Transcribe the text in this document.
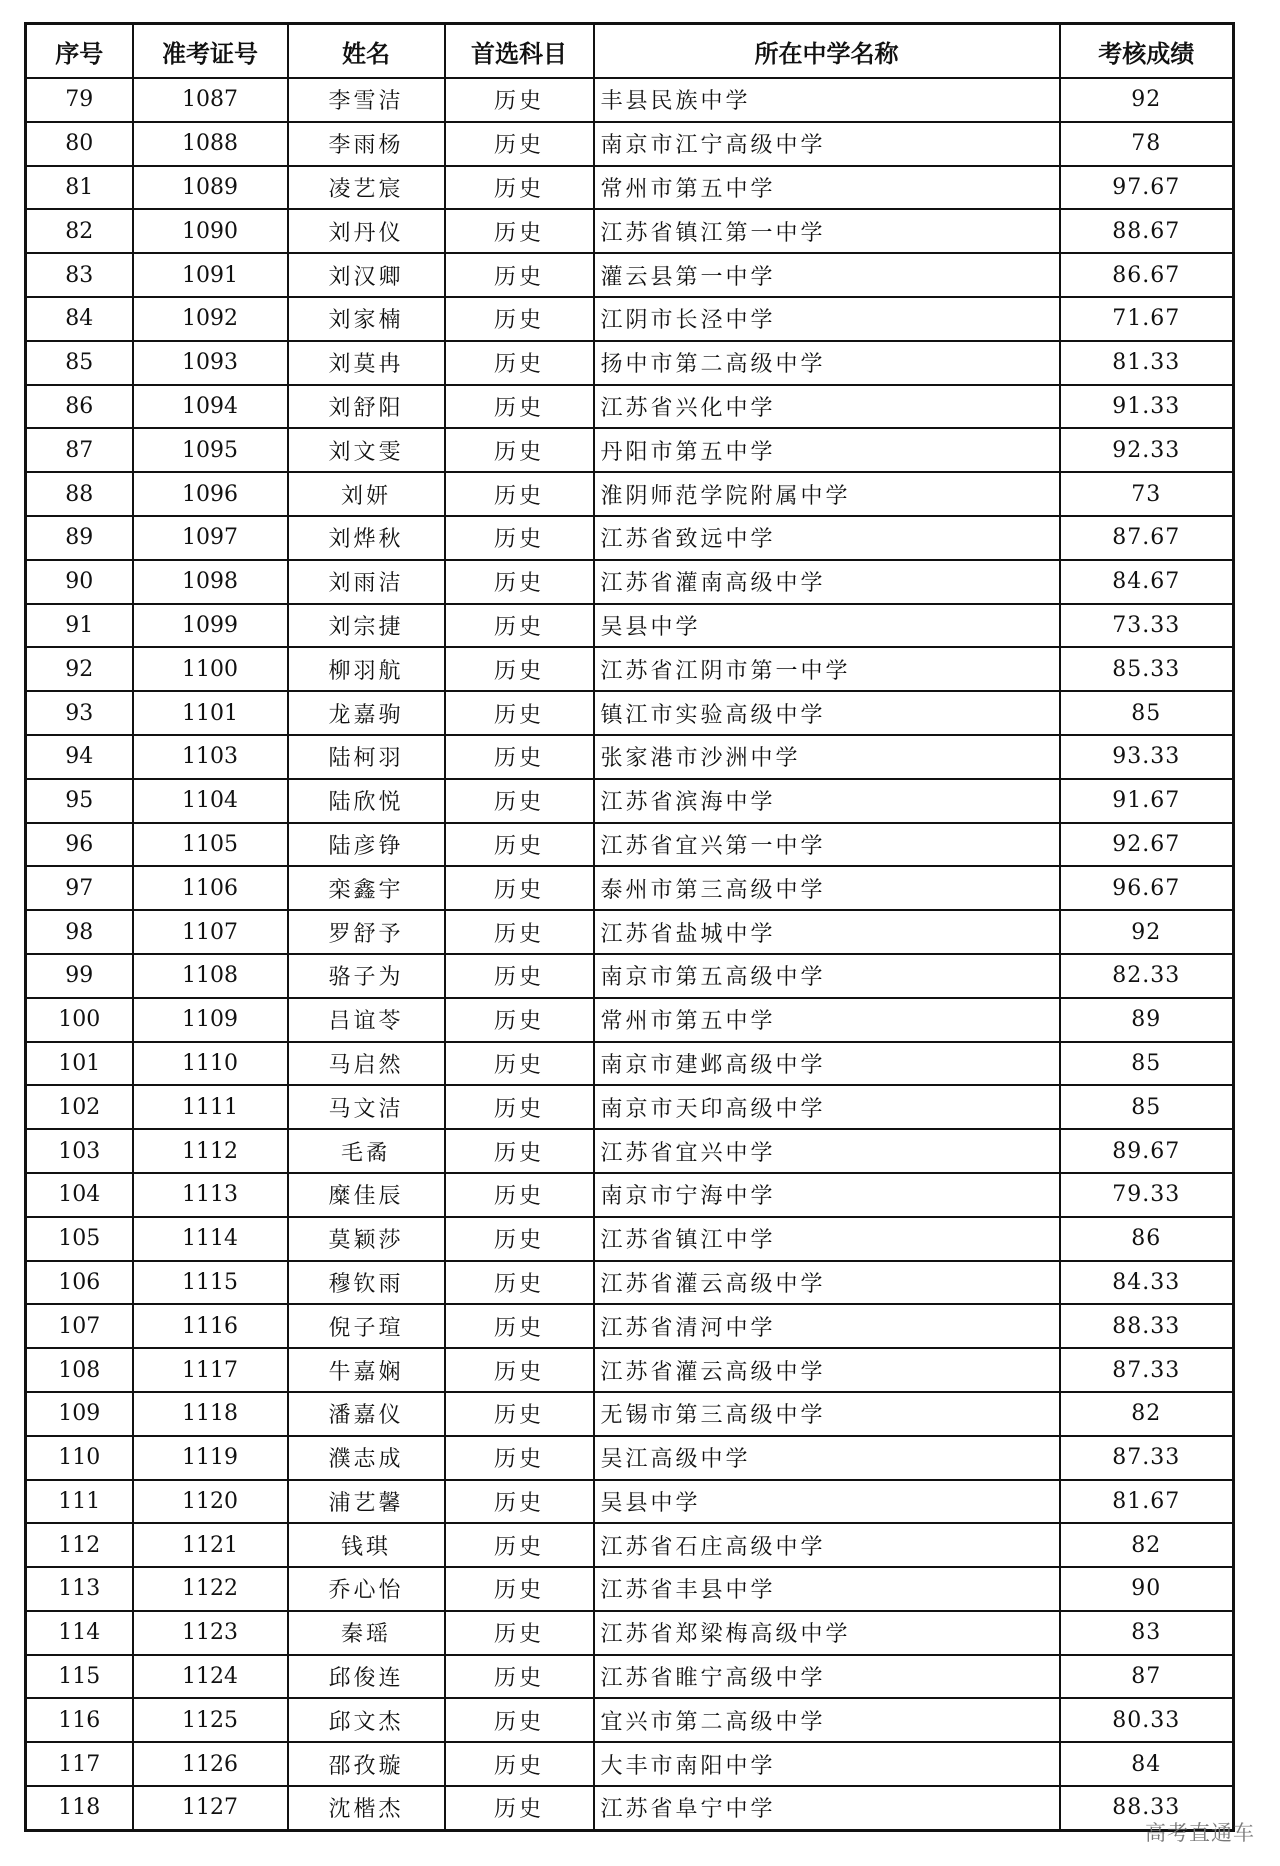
序号	准考证号	姓名	首选科目	所在中学名称	考核成绩
79	1087	李雪洁	历史	丰县民族中学	92
80	1088	李雨杨	历史	南京市江宁高级中学	78
81	1089	凌艺宸	历史	常州市第五中学	97.67
82	1090	刘丹仪	历史	江苏省镇江第一中学	88.67
83	1091	刘汉卿	历史	灌云县第一中学	86.67
84	1092	刘家楠	历史	江阴市长泾中学	71.67
85	1093	刘莫冉	历史	扬中市第二高级中学	81.33
86	1094	刘舒阳	历史	江苏省兴化中学	91.33
87	1095	刘文雯	历史	丹阳市第五中学	92.33
88	1096	刘妍	历史	淮阴师范学院附属中学	73
89	1097	刘烨秋	历史	江苏省致远中学	87.67
90	1098	刘雨洁	历史	江苏省灌南高级中学	84.67
91	1099	刘宗捷	历史	吴县中学	73.33
92	1100	柳羽航	历史	江苏省江阴市第一中学	85.33
93	1101	龙嘉驹	历史	镇江市实验高级中学	85
94	1103	陆柯羽	历史	张家港市沙洲中学	93.33
95	1104	陆欣悦	历史	江苏省滨海中学	91.67
96	1105	陆彦铮	历史	江苏省宜兴第一中学	92.67
97	1106	栾鑫宇	历史	泰州市第三高级中学	96.67
98	1107	罗舒予	历史	江苏省盐城中学	92
99	1108	骆子为	历史	南京市第五高级中学	82.33
100	1109	吕谊苓	历史	常州市第五中学	89
101	1110	马启然	历史	南京市建邺高级中学	85
102	1111	马文洁	历史	南京市天印高级中学	85
103	1112	毛矞	历史	江苏省宜兴中学	89.67
104	1113	糜佳辰	历史	南京市宁海中学	79.33
105	1114	莫颖莎	历史	江苏省镇江中学	86
106	1115	穆钦雨	历史	江苏省灌云高级中学	84.33
107	1116	倪子瑄	历史	江苏省清河中学	88.33
108	1117	牛嘉娴	历史	江苏省灌云高级中学	87.33
109	1118	潘嘉仪	历史	无锡市第三高级中学	82
110	1119	濮志成	历史	吴江高级中学	87.33
111	1120	浦艺馨	历史	吴县中学	81.67
112	1121	钱琪	历史	江苏省石庄高级中学	82
113	1122	乔心怡	历史	江苏省丰县中学	90
114	1123	秦瑶	历史	江苏省郑梁梅高级中学	83
115	1124	邱俊连	历史	江苏省睢宁高级中学	87
116	1125	邱文杰	历史	宜兴市第二高级中学	80.33
117	1126	邵孜璇	历史	大丰市南阳中学	84
118	1127	沈楷杰	历史	江苏省阜宁中学	88.33
高考直通车
